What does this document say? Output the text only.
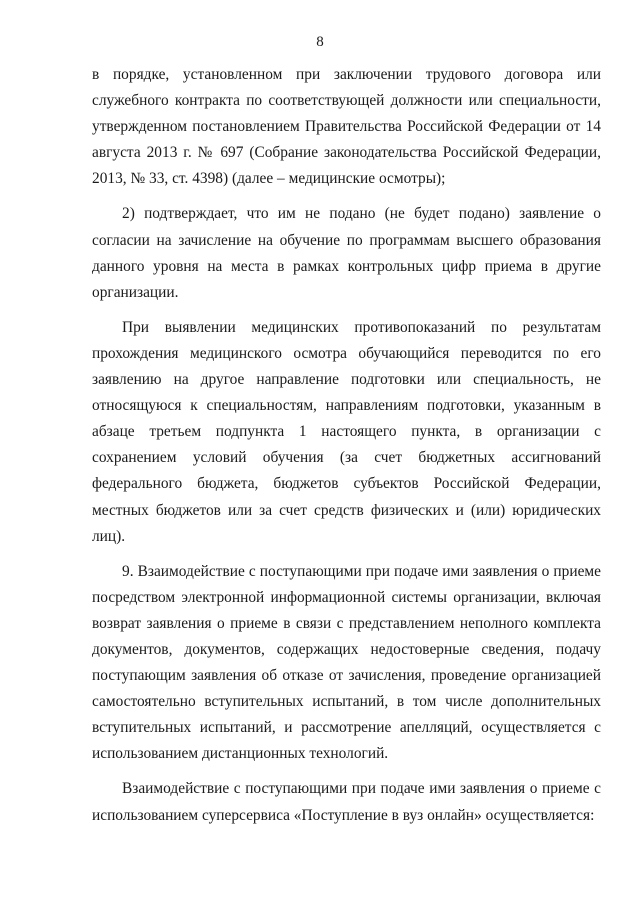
8

в порядке, установленном при заключении трудового договора или служебного контракта по соответствующей должности или специальности, утвержденном постановлением Правительства Российской Федерации от 14 августа 2013 г. № 697 (Собрание законодательства Российской Федерации, 2013, № 33, ст. 4398) (далее – медицинские осмотры);

2) подтверждает, что им не подано (не будет подано) заявление о согласии на зачисление на обучение по программам высшего образования данного уровня на места в рамках контрольных цифр приема в другие организации.

При выявлении медицинских противопоказаний по результатам прохождения медицинского осмотра обучающийся переводится по его заявлению на другое направление подготовки или специальность, не относящуюся к специальностям, направлениям подготовки, указанным в абзаце третьем подпункта 1 настоящего пункта, в организации с сохранением условий обучения (за счет бюджетных ассигнований федерального бюджета, бюджетов субъектов Российской Федерации, местных бюджетов или за счет средств физических и (или) юридических лиц).

9. Взаимодействие с поступающими при подаче ими заявления о приеме посредством электронной информационной системы организации, включая возврат заявления о приеме в связи с представлением неполного комплекта документов, документов, содержащих недостоверные сведения, подачу поступающим заявления об отказе от зачисления, проведение организацией самостоятельно вступительных испытаний, в том числе дополнительных вступительных испытаний, и рассмотрение апелляций, осуществляется с использованием дистанционных технологий.

Взаимодействие с поступающими при подаче ими заявления о приеме с использованием суперсервиса «Поступление в вуз онлайн» осуществляется:
